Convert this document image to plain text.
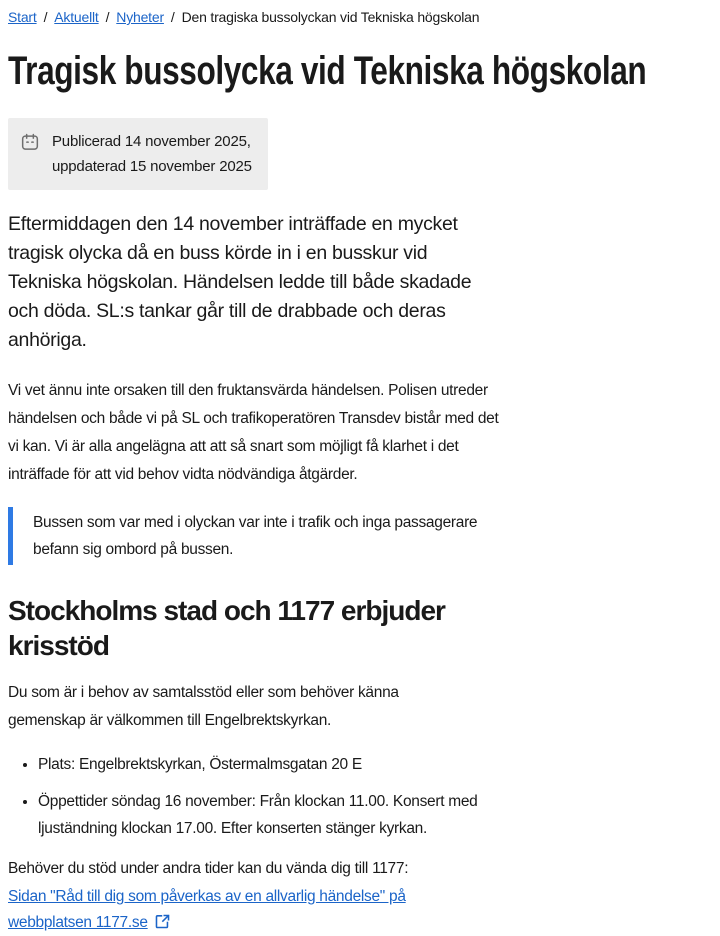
Start / Aktuellt / Nyheter / Den tragiska bussolyckan vid Tekniska högskolan
Tragisk bussolycka vid Tekniska högskolan
Publicerad 14 november 2025,
uppdaterad 15 november 2025

Eftermiddagen den 14 november inträffade en mycket tragisk olycka då en buss körde in i en busskur vid Tekniska högskolan. Händelsen ledde till både skadade och döda. SL:s tankar går till de drabbade och deras anhöriga.

Vi vet ännu inte orsaken till den fruktansvärda händelsen. Polisen utreder händelsen och både vi på SL och trafikoperatören Transdev bistår med det vi kan. Vi är alla angelägna att att så snart som möjligt få klarhet i det inträffade för att vid behov vidta nödvändiga åtgärder.

Bussen som var med i olyckan var inte i trafik och inga passagerare befann sig ombord på bussen.
Stockholms stad och 1177 erbjuder krisstöd

Du som är i behov av samtalsstöd eller som behöver känna gemenskap är välkommen till Engelbrektskyrkan.

• Plats: Engelbrektskyrkan, Östermalmsgatan 20 E
• Öppettider söndag 16 november: Från klockan 11.00. Konsert med ljuständning klockan 17.00. Efter konserten stänger kyrkan.

Behöver du stöd under andra tider kan du vända dig till 1177:

Sidan "Råd till dig som påverkas av en allvarlig händelse" på webbplatsen 1177.se
